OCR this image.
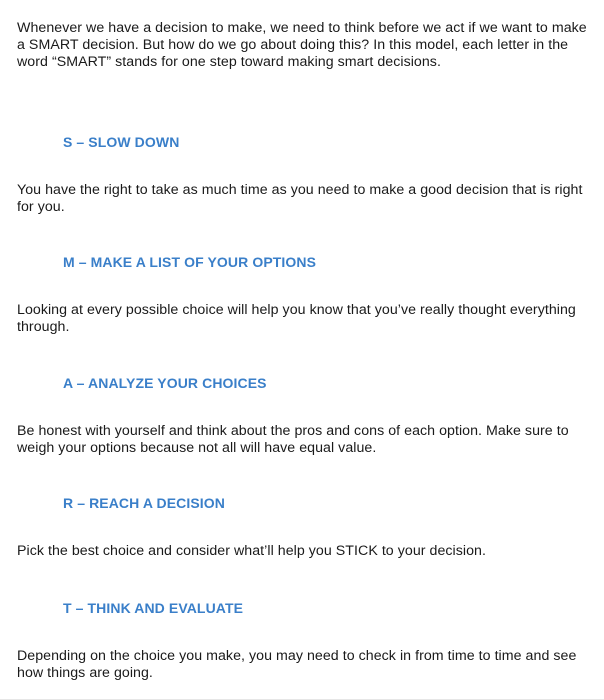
Whenever we have a decision to make, we need to think before we act if we want to make a SMART decision. But how do we go about doing this? In this model, each letter in the word “SMART” stands for one step toward making smart decisions.

S – SLOW DOWN

You have the right to take as much time as you need to make a good decision that is right for you.

M – MAKE A LIST OF YOUR OPTIONS

Looking at every possible choice will help you know that you’ve really thought everything through.

A – ANALYZE YOUR CHOICES

Be honest with yourself and think about the pros and cons of each option. Make sure to weigh your options because not all will have equal value.

R – REACH A DECISION

Pick the best choice and consider what’ll help you STICK to your decision.

T – THINK AND EVALUATE

Depending on the choice you make, you may need to check in from time to time and see how things are going.
